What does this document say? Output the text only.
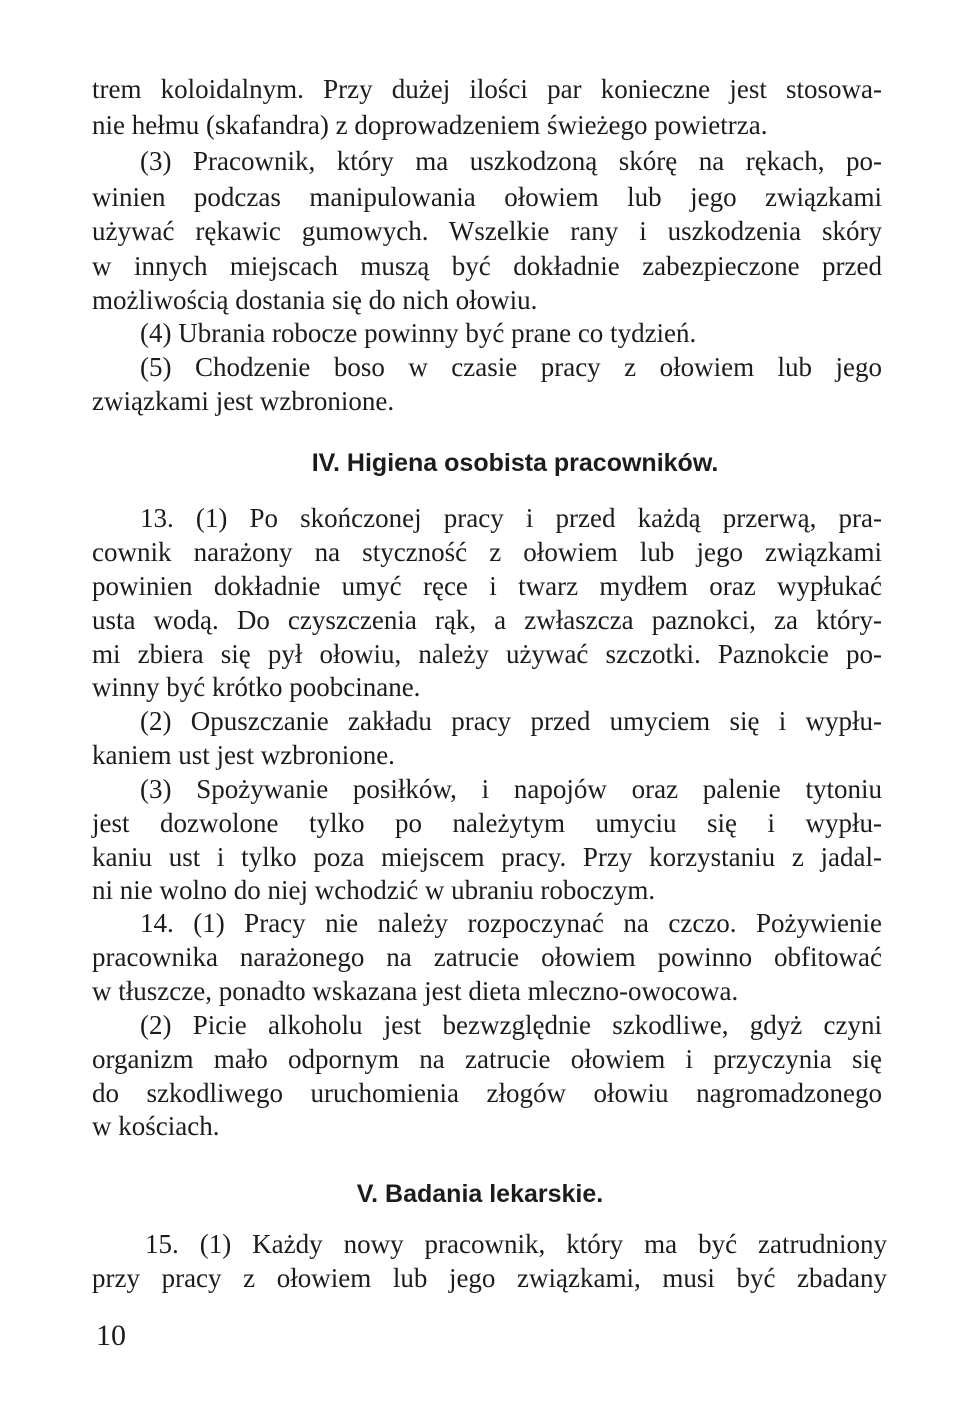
trem koloidalnym. Przy dużej ilości par konieczne jest stosowa-
nie hełmu (skafandra) z doprowadzeniem świeżego powietrza.
(3) Pracownik, który ma uszkodzoną skórę na rękach, po-
winien podczas manipulowania ołowiem lub jego związkami
używać rękawic gumowych. Wszelkie rany i uszkodzenia skóry
w innych miejscach muszą być dokładnie zabezpieczone przed
możliwością dostania się do nich ołowiu.
(4) Ubrania robocze powinny być prane co tydzień.
(5) Chodzenie boso w czasie pracy z ołowiem lub jego
związkami jest wzbronione.
IV. Higiena osobista pracowników.
13. (1) Po skończonej pracy i przed każdą przerwą, pra-
cownik narażony na styczność z ołowiem lub jego związkami
powinien dokładnie umyć ręce i twarz mydłem oraz wypłukać
usta wodą. Do czyszczenia rąk, a zwłaszcza paznokci, za który-
mi zbiera się pył ołowiu, należy używać szczotki. Paznokcie po-
winny być krótko poobcinane.
(2) Opuszczanie zakładu pracy przed umyciem się i wypłu-
kaniem ust jest wzbronione.
(3) Spożywanie posiłków, i napojów oraz palenie tytoniu
jest dozwolone tylko po należytym umyciu się i wypłu-
kaniu ust i tylko poza miejscem pracy. Przy korzystaniu z jadal-
ni nie wolno do niej wchodzić w ubraniu roboczym.
14. (1) Pracy nie należy rozpoczynać na czczo. Pożywienie
pracownika narażonego na zatrucie ołowiem powinno obfitować
w tłuszcze, ponadto wskazana jest dieta mleczno-owocowa.
(2) Picie alkoholu jest bezwzględnie szkodliwe, gdyż czyni
organizm mało odpornym na zatrucie ołowiem i przyczynia się
do szkodliwego uruchomienia złogów ołowiu nagromadzonego
w kościach.
V. Badania lekarskie.
15. (1) Każdy nowy pracownik, który ma być zatrudniony
przy pracy z ołowiem lub jego związkami, musi być zbadany
10
